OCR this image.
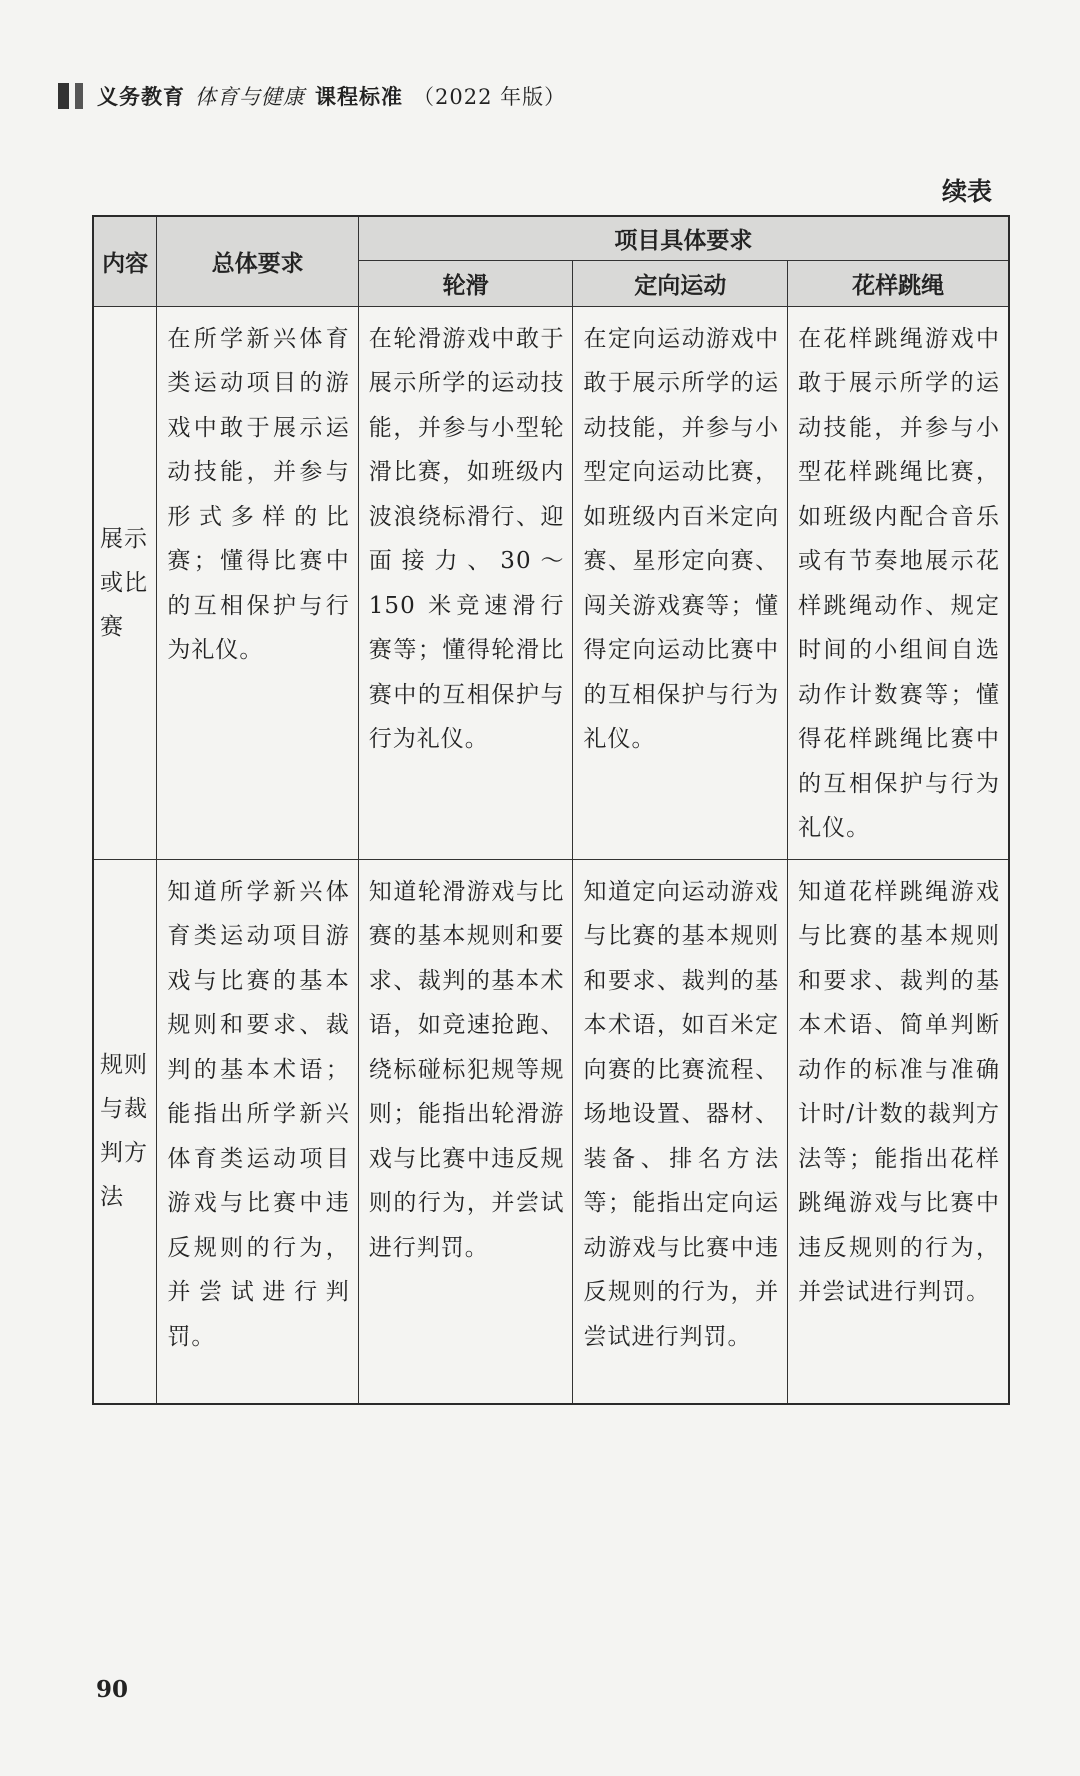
义务教育 体育与健康 课程标准 （2022 年版）
续表
内容	总体要求	项目具体要求		
		轮滑	定向运动	花样跳绳
展示或比赛	在所学新兴体育类运动项目的游戏中敢于展示运动技能，并参与形式多样的比赛；懂得比赛中的互相保护与行为礼仪。	在轮滑游戏中敢于展示所学的运动技能，并参与小型轮滑比赛，如班级内波浪绕标滑行、迎面接力、30～150 米竞速滑行赛等；懂得轮滑比赛中的互相保护与行为礼仪。	在定向运动游戏中敢于展示所学的运动技能，并参与小型定向运动比赛，如班级内百米定向赛、星形定向赛、闯关游戏赛等；懂得定向运动比赛中的互相保护与行为礼仪。	在花样跳绳游戏中敢于展示所学的运动技能，并参与小型花样跳绳比赛，如班级内配合音乐或有节奏地展示花样跳绳动作、规定时间的小组间自选动作计数赛等；懂得花样跳绳比赛中的互相保护与行为礼仪。
规则与裁判方法	知道所学新兴体育类运动项目游戏与比赛的基本规则和要求、裁判的基本术语；能指出所学新兴体育类运动项目游戏与比赛中违反规则的行为，并尝试进行判罚。	知道轮滑游戏与比赛的基本规则和要求、裁判的基本术语，如竞速抢跑、绕标碰标犯规等规则；能指出轮滑游戏与比赛中违反规则的行为，并尝试进行判罚。	知道定向运动游戏与比赛的基本规则和要求、裁判的基本术语，如百米定向赛的比赛流程、场地设置、器材、装备、排名方法等；能指出定向运动游戏与比赛中违反规则的行为，并尝试进行判罚。	知道花样跳绳游戏与比赛的基本规则和要求、裁判的基本术语、简单判断动作的标准与准确计时/计数的裁判方法等；能指出花样跳绳游戏与比赛中违反规则的行为，并尝试进行判罚。
90
